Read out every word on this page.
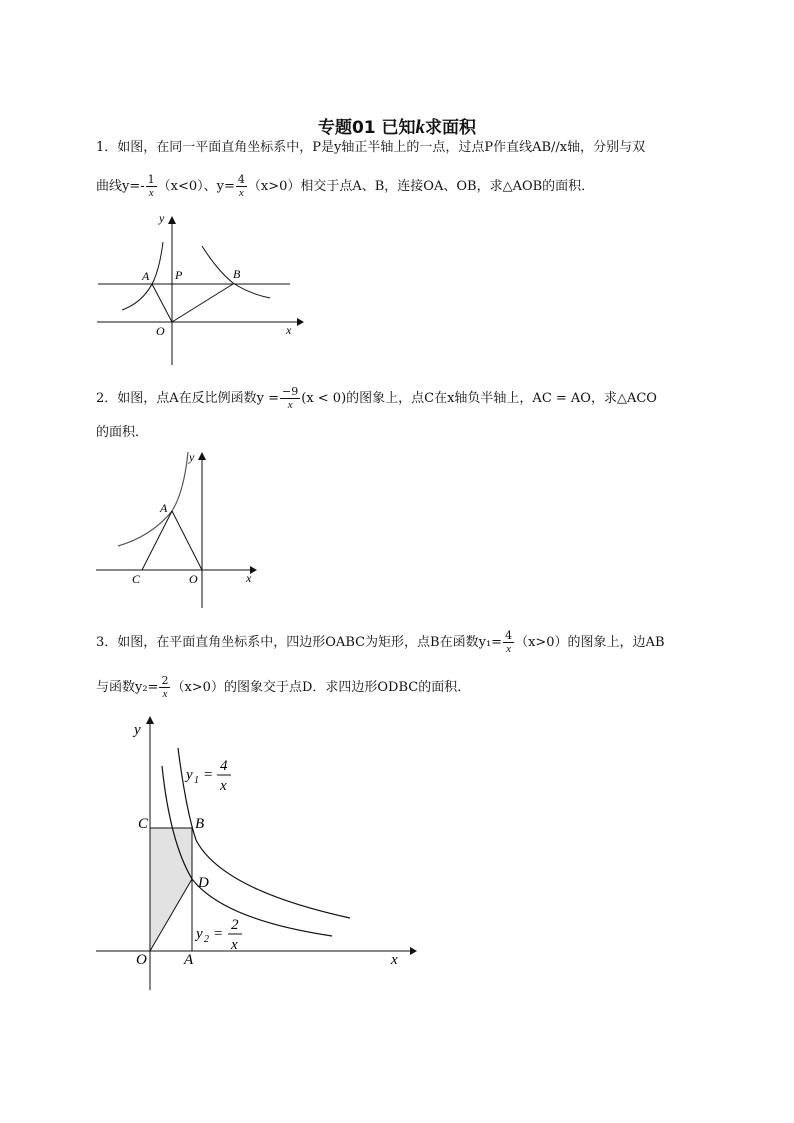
专题01 已知k求面积
1．如图，在同一平面直角坐标系中，P是y轴正半轴上的一点，过点P作直线AB//x轴，分别与双
曲线$y=- \frac{1}{x} (x<0)$、$y= \frac{4}{x} (x>0)$相交于点A、B，连接OA、OB，求△AOB的面积．
y
x
A P	B
O
2．如图，点A在反比例函数$y = \frac{-9}{x} (x < 0)$的图象上，点C在x轴负半轴上，AC = AO，求△ACO
的面积．
y
x
A
C	O
3．如图，在平面直角坐标系中，四边形OABC为矩形，点B在函数$y_1= \frac{4}{x} (x>0)$的图象上，边AB
与函数$y_2= \frac{2}{x} (x>0)$的图象交于点D．求四边形ODBC的面积．
y
x
C	B
D
O A
y 1 =
4
x
y 2 =
2
x
